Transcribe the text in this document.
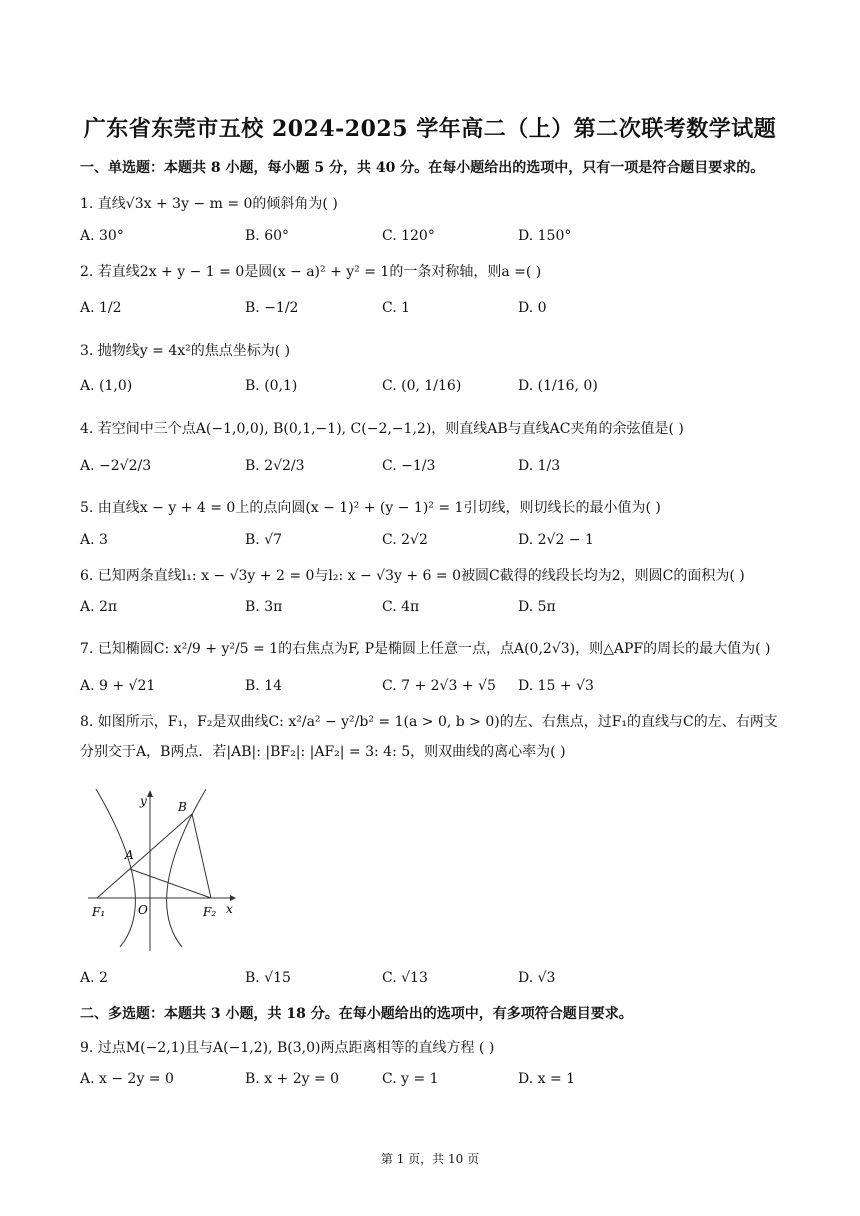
广东省东莞市五校 2024-2025 学年高二（上）第二次联考数学试题
一、单选题：本题共 8 小题，每小题 5 分，共 40 分。在每小题给出的选项中，只有一项是符合题目要求的。
1. 直线√3x + 3y − m = 0的倾斜角为( )
A. 30°	B. 60°	C. 120°	D. 150°
2. 若直线2x + y − 1 = 0是圆(x − a)² + y² = 1的一条对称轴，则a =( )
A. 1/2	B. −1/2	C. 1	D. 0
3. 抛物线y = 4x²的焦点坐标为( )
A. (1,0)	B. (0,1)	C. (0, 1/16)	D. (1/16, 0)
4. 若空间中三个点A(−1,0,0), B(0,1,−1), C(−2,−1,2)，则直线AB与直线AC夹角的余弦值是( )
A. −2√2/3	B. 2√2/3	C. −1/3	D. 1/3
5. 由直线x − y + 4 = 0上的点向圆(x − 1)² + (y − 1)² = 1引切线，则切线长的最小值为( )
A. 3	B. √7	C. 2√2	D. 2√2 − 1
6. 已知两条直线l₁: x − √3y + 2 = 0与l₂: x − √3y + 6 = 0被圆C截得的线段长均为2，则圆C的面积为( )
A. 2π	B. 3π	C. 4π	D. 5π
7. 已知椭圆C: x²/9 + y²/5 = 1的右焦点为F, P是椭圆上任意一点，点A(0,2√3)，则△APF的周长的最大值为( )
A. 9 + √21	B. 14	C. 7 + 2√3 + √5 D. 15 + √3
8. 如图所示，F₁，F₂是双曲线C: x²/a² − y²/b² = 1(a > 0, b > 0)的左、右焦点，过F₁的直线与C的左、右两支分别交于A，B两点．若|AB|: |BF₂|: |AF₂| = 3: 4: 5，则双曲线的离心率为( )
y
x
B
A
O
F₁	F₂
A. 2	B. √15	C. √13	D. √3
二、多选题：本题共 3 小题，共 18 分。在每小题给出的选项中，有多项符合题目要求。
9. 过点M(−2,1)且与A(−1,2), B(3,0)两点距离相等的直线方程 ( )
A. x − 2y = 0	B. x + 2y = 0	C. y = 1	D. x = 1
第 1 页，共 10 页
